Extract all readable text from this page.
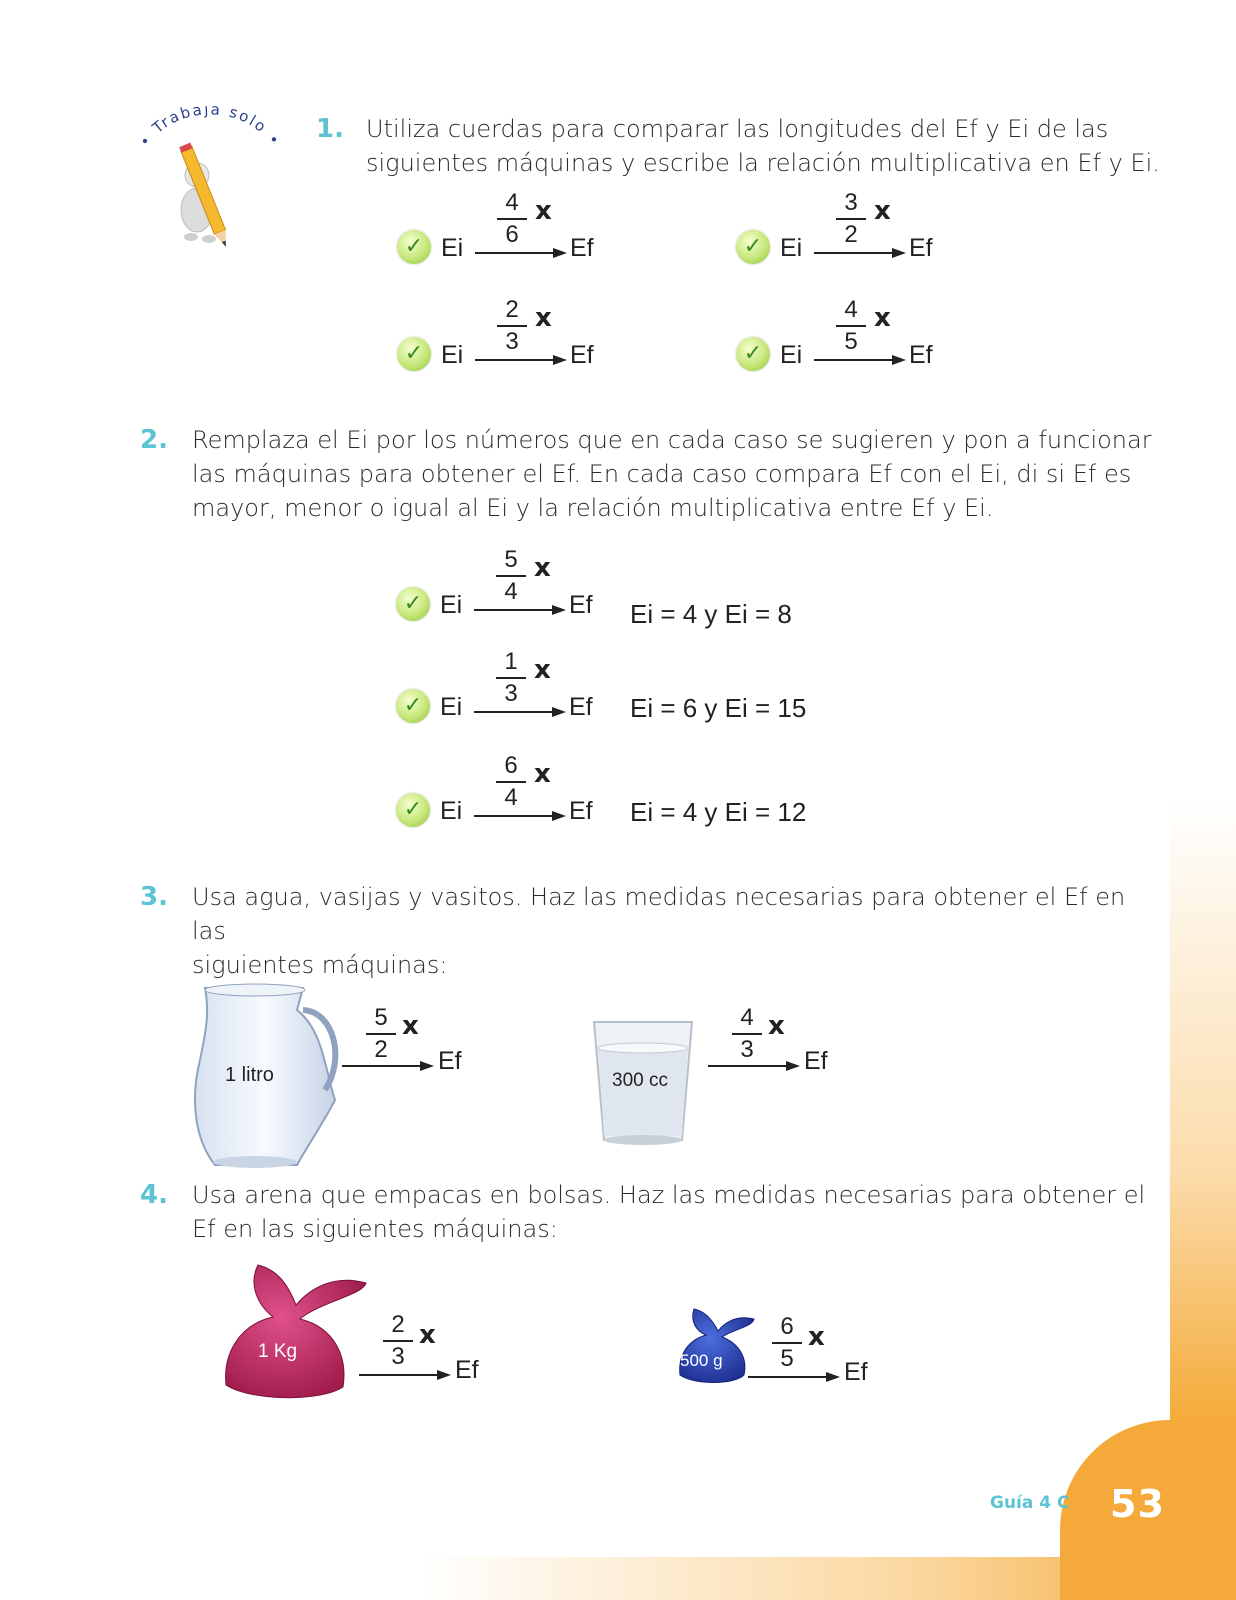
53
Guía 4 C
• Trabaja solo • 1. Utiliza cuerdas para comparar las longitudes del Ef y Ei de las
siguientes máquinas y escribe la relación multiplicativa en Ef y Ei.
✓ Ei
4
6
x
Ef	✓ Ei
3
2
x
Ef
✓ Ei
2
3
x
Ef	✓ Ei
4
5
x
Ef
2. Remplaza el Ei por los números que en cada caso se sugieren y pon a funcionar
las máquinas para obtener el Ef. En cada caso compara Ef con el Ei, di si Ef es
mayor, menor o igual al Ei y la relación multiplicativa entre Ef y Ei.
✓ Ei
5
4
x
Ef Ei = 4 y Ei = 8
✓ Ei
1
3
x
Ef Ei = 6 y Ei = 15
✓ Ei
6
4
x
Ef Ei = 4 y Ei = 12
3. Usa agua, vasijas y vasitos. Haz las medidas necesarias para obtener el Ef en las
siguientes máquinas:
1 litro
5
2
x
Ef
300 cc
4
3
x
Ef
4. Usa arena que empacas en bolsas. Haz las medidas necesarias para obtener el
Ef en las siguientes máquinas:
1 Kg
2
3
x
Ef	500 g
6
5
x
Ef
